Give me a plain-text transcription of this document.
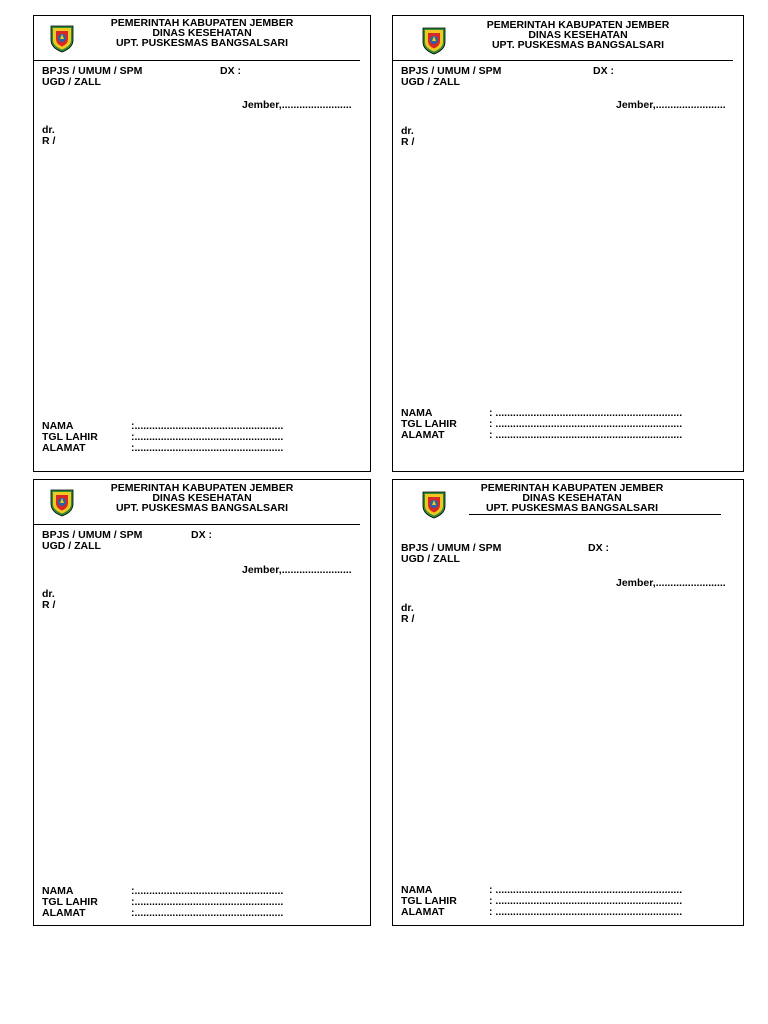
PEMERINTAH KABUPATEN JEMBER
DINAS KESEHATAN
UPT. PUSKESMAS BANGSALSARI
BPJS / UMUM / SPM	DX :
UGD / ZALL
Jember,........................
dr.
R /
NAMA	:...................................................
TGL LAHIR	:...................................................
ALAMAT	:...................................................
PEMERINTAH KABUPATEN JEMBER
DINAS KESEHATAN
UPT. PUSKESMAS BANGSALSARI
BPJS / UMUM / SPM	DX :
UGD / ZALL
Jember,........................
dr.
R /
NAMA	: ................................................................
TGL LAHIR	: ................................................................
ALAMAT	: ................................................................
PEMERINTAH KABUPATEN JEMBER
DINAS KESEHATAN
UPT. PUSKESMAS BANGSALSARI
BPJS / UMUM / SPM	DX :
UGD / ZALL
Jember,........................
dr.
R /
NAMA	:...................................................
TGL LAHIR	:...................................................
ALAMAT	:...................................................
PEMERINTAH KABUPATEN JEMBER
DINAS KESEHATAN
UPT. PUSKESMAS BANGSALSARI
BPJS / UMUM / SPM	DX :
UGD / ZALL
Jember,........................
dr.
R /
NAMA	: ................................................................
TGL LAHIR	: ................................................................
ALAMAT	: ................................................................
